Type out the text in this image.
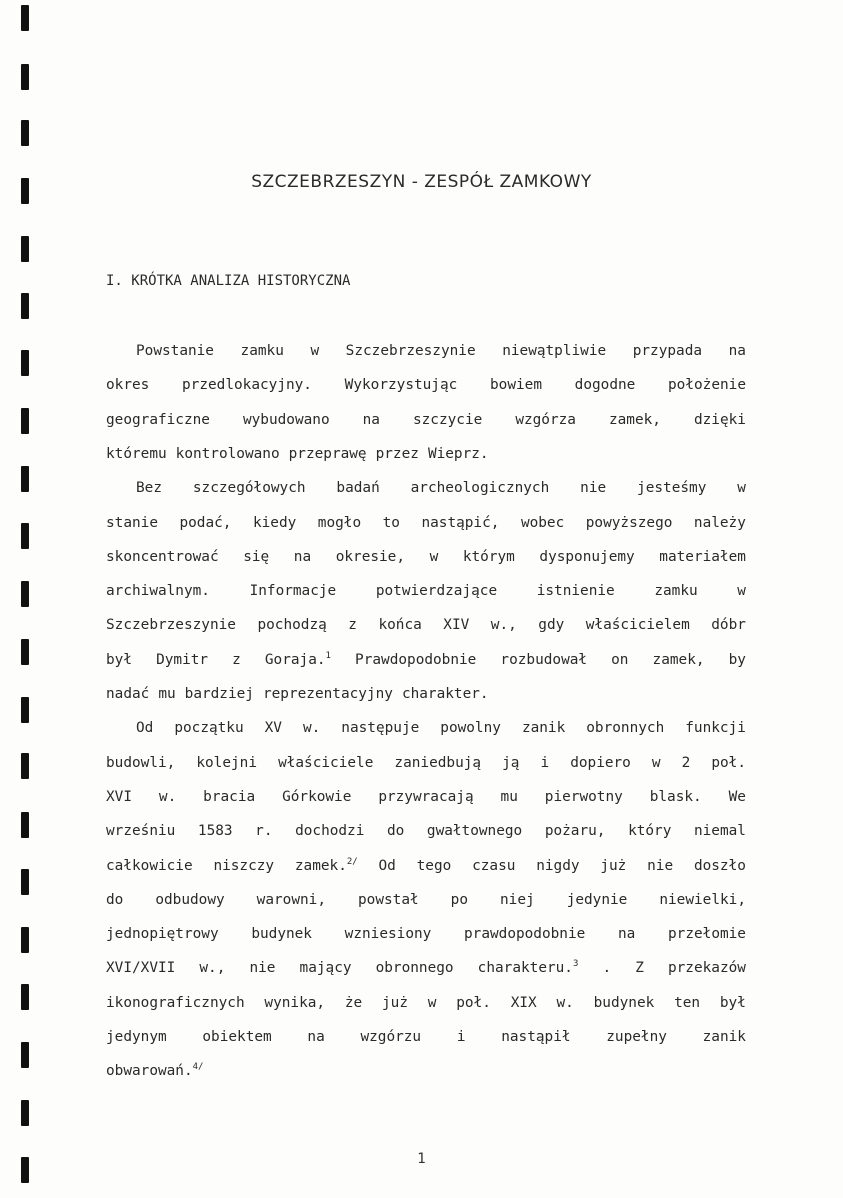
SZCZEBRZESZYN - ZESPÓŁ ZAMKOWY
I. KRÓTKA ANALIZA HISTORYCZNA
Powstanie zamku w Szczebrzeszynie niewątpliwie przypada na
okres przedlokacyjny. Wykorzystując bowiem dogodne położenie
geograficzne wybudowano na szczycie wzgórza zamek, dzięki
któremu kontrolowano przeprawę przez Wieprz.
Bez szczegółowych badań archeologicznych nie jesteśmy w
stanie podać, kiedy mogło to nastąpić, wobec powyższego należy
skoncentrować się na okresie, w którym dysponujemy materiałem
archiwalnym.	Informacje	potwierdzające	istnienie	zamku	w
Szczebrzeszynie pochodzą z końca XIV w., gdy właścicielem dóbr
był Dymitr z Goraja.$^1$ Prawdopodobnie rozbudował on zamek, by
nadać mu bardziej reprezentacyjny charakter.
Od początku XV w. następuje powolny zanik obronnych funkcji
budowli, kolejni właściciele zaniedbują ją i dopiero w 2 poł.
XVI w. bracia Górkowie przywracają mu pierwotny blask. We
wrześniu 1583 r. dochodzi do gwałtownego pożaru, który niemal
całkowicie niszczy zamek.$^{2/}$ Od tego czasu nigdy już nie doszło
do odbudowy warowni, powstał po niej jedynie niewielki,
jednopiętrowy budynek wzniesiony prawdopodobnie na przełomie
XVI/XVII w., nie mający obronnego charakteru.$^3$ . Z przekazów
ikonograficznych wynika, że już w poł. XIX w. budynek ten był
jedynym obiektem na wzgórzu i nastąpił zupełny zanik
obwarowań.$^{4/}$
1
